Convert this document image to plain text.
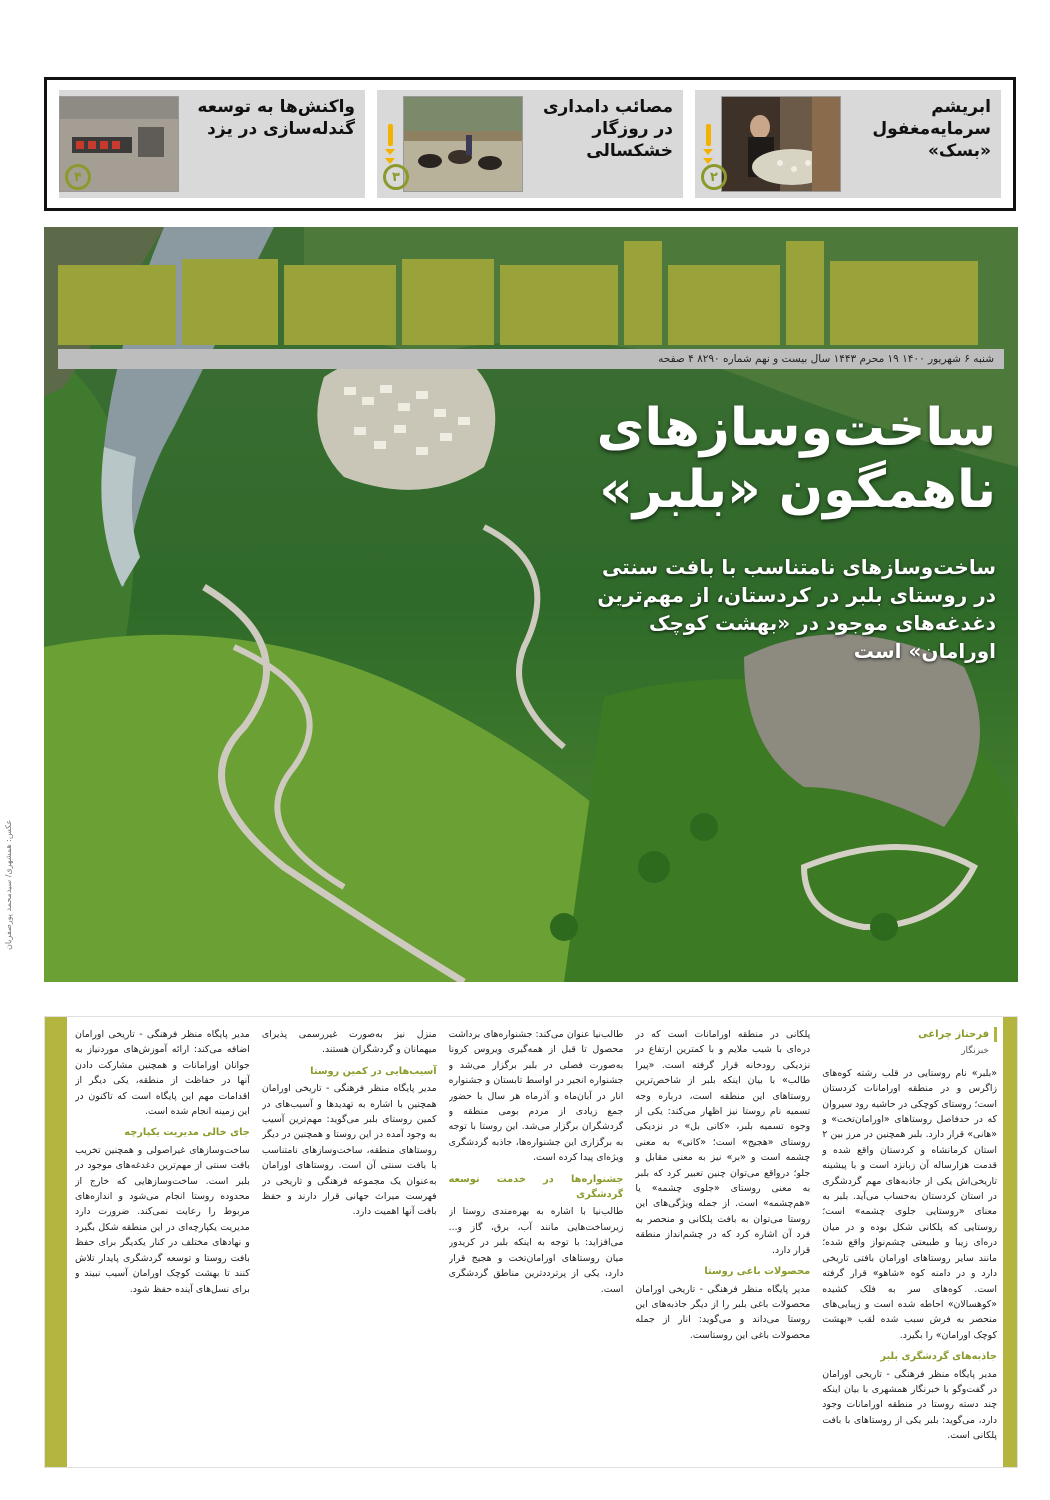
ابریشم سرمایه‌مغفول «بسک»
۲
مصائب دامداری در روزگار خشکسالی
۳
واکنش‌ها به توسعه گندله‌سازی در یزد
۴
شنبه ۶ شهریور ۱۴۰۰ ۱۹ محرم ۱۴۴۳ سال بیست و نهم شماره ۸۲۹۰ ۴ صفحه
ساخت‌وسازهای ناهمگون «بلبر»
ساخت‌وسازهای نامتناسب با بافت سنتی در روستای بلبر در کردستان، از مهم‌ترین دغدغه‌های موجود در «بهشت کوچک اورامان» است
عکس: همشهری/ سیدمحمد پورصفریان
فرحناز چراغی
خبرنگار

«بلبر» نام روستایی در قلب رشته کوه‌های زاگرس و در منطقه اورامانات کردستان است؛ روستای کوچکی در حاشیه رود سیروان که در حدفاصل روستاهای «اورامان‌تخت» و «هانی» قرار دارد. بلبر همچنین در مرز بین ۲ استان کرمانشاه و کردستان واقع شده و قدمت هزارساله آن زبانزد است و با پیشینه تاریخی‌اش یکی از جاذبه‌های مهم گردشگری در استان کردستان به‌حساب می‌آید. بلبر به معنای «روستایی جلوی چشمه» است؛ روستایی که پلکانی شکل بوده و در میان دره‌ای زیبا و طبیعتی چشم‌نواز واقع شده؛ مانند سایر روستاهای اورامان بافتی تاریخی دارد و در دامنه کوه «شاهو» قرار گرفته است. کوه‌های سر به فلک کشیده «کوهسالان» احاطه شده است و زیبایی‌های منحصر به فرش سبب شده لقب «بهشت کوچک اورامان» را بگیرد.

جاذبه‌های گردشگری بلبر

مدیر پایگاه منظر فرهنگی - تاریخی اورامان در گفت‌وگو با خبرنگار همشهری با بیان اینکه چند دسته روستا در منطقه اورامانات وجود دارد، می‌گوید: بلبر یکی از روستاهای با بافت پلکانی است.

پلکانی در منطقه اورامانات است که در دره‌ای با شیب ملایم و با کمترین ارتفاع در نزدیکی رودخانه قرار گرفته است. «پیرا طالب» با بیان اینکه بلبر از شاخص‌ترین روستاهای این منطقه است، درباره وجه تسمیه نام روستا نیز اظهار می‌کند: یکی از وجوه تسمیه بلبر، «کانی بل» در نزدیکی روستای «هجیج» است؛ «کانی» به معنی چشمه است و «بر» نیز به معنی مقابل و جلو؛ درواقع می‌توان چنین تعبیر کرد که بلبر به معنی روستای «جلوی چشمه» یا «هم‌چشمه» است. از جمله ویژگی‌های این روستا می‌توان به بافت پلکانی و منحصر به فرد آن اشاره کرد که در چشم‌انداز منطقه قرار دارد.

محصولات باغی روستا

مدیر پایگاه منظر فرهنگی - تاریخی اورامان محصولات باغی بلبر را از دیگر جاذبه‌های این روستا می‌داند و می‌گوید: انار از جمله محصولات باغی این روستاست.

طالب‌نیا عنوان می‌کند: جشنواره‌های برداشت محصول تا قبل از همه‌گیری ویروس کرونا به‌صورت فصلی در بلبر برگزار می‌شد و جشنواره انجیر در اواسط تابستان و جشنواره انار در آبان‌ماه و آذرماه هر سال با حضور جمع زیادی از مردم بومی منطقه و گردشگران برگزار می‌شد. این روستا با توجه به برگزاری این جشنواره‌ها، جاذبه گردشگری ویژه‌ای پیدا کرده است.

جشنواره‌ها در خدمت توسعه گردشگری

طالب‌نیا با اشاره به بهره‌مندی روستا از زیرساخت‌هایی مانند آب، برق، گاز و... می‌افزاید: با توجه به اینکه بلبر در کریدور میان روستاهای اورامان‌تخت و هجیج قرار دارد، یکی از پرتردد‌ترین مناطق گردشگری است.

منزل نیز به‌صورت غیررسمی پذیرای میهمانان و گردشگران هستند.

آسیب‌هایی در کمین روستا

مدیر پایگاه منظر فرهنگی - تاریخی اورامان همچنین با اشاره به تهدیدها و آسیب‌های در کمین روستای بلبر می‌گوید: مهم‌ترین آسیب به وجود آمده در این روستا و همچنین در دیگر روستاهای منطقه، ساخت‌وسازهای نامتناسب با بافت سنتی آن است. روستاهای اورامان به‌عنوان یک مجموعه فرهنگی و تاریخی در فهرست میراث جهانی قرار دارند و حفظ بافت آنها اهمیت دارد.

مدیر پایگاه منظر فرهنگی - تاریخی اورامان اضافه می‌کند: ارائه آموزش‌های موردنیاز به جوانان اورامانات و همچنین مشارکت دادن آنها در حفاظت از منطقه، یکی دیگر از اقدامات مهم این پایگاه است که تاکنون در این زمینه انجام شده است.

جای خالی مدیریت یکپارچه

ساخت‌وسازهای غیراصولی و همچنین تخریب بافت سنتی از مهم‌ترین دغدغه‌های موجود در بلبر است. ساخت‌وسازهایی که خارج از محدوده روستا انجام می‌شود و اندازه‌های مربوط را رعایت نمی‌کند. ضرورت دارد مدیریت یکپارچه‌ای در این منطقه شکل بگیرد و نهادهای مختلف در کنار یکدیگر برای حفظ بافت روستا و توسعه گردشگری پایدار تلاش کنند تا بهشت کوچک اورامان آسیب نبیند و برای نسل‌های آینده حفظ شود.
